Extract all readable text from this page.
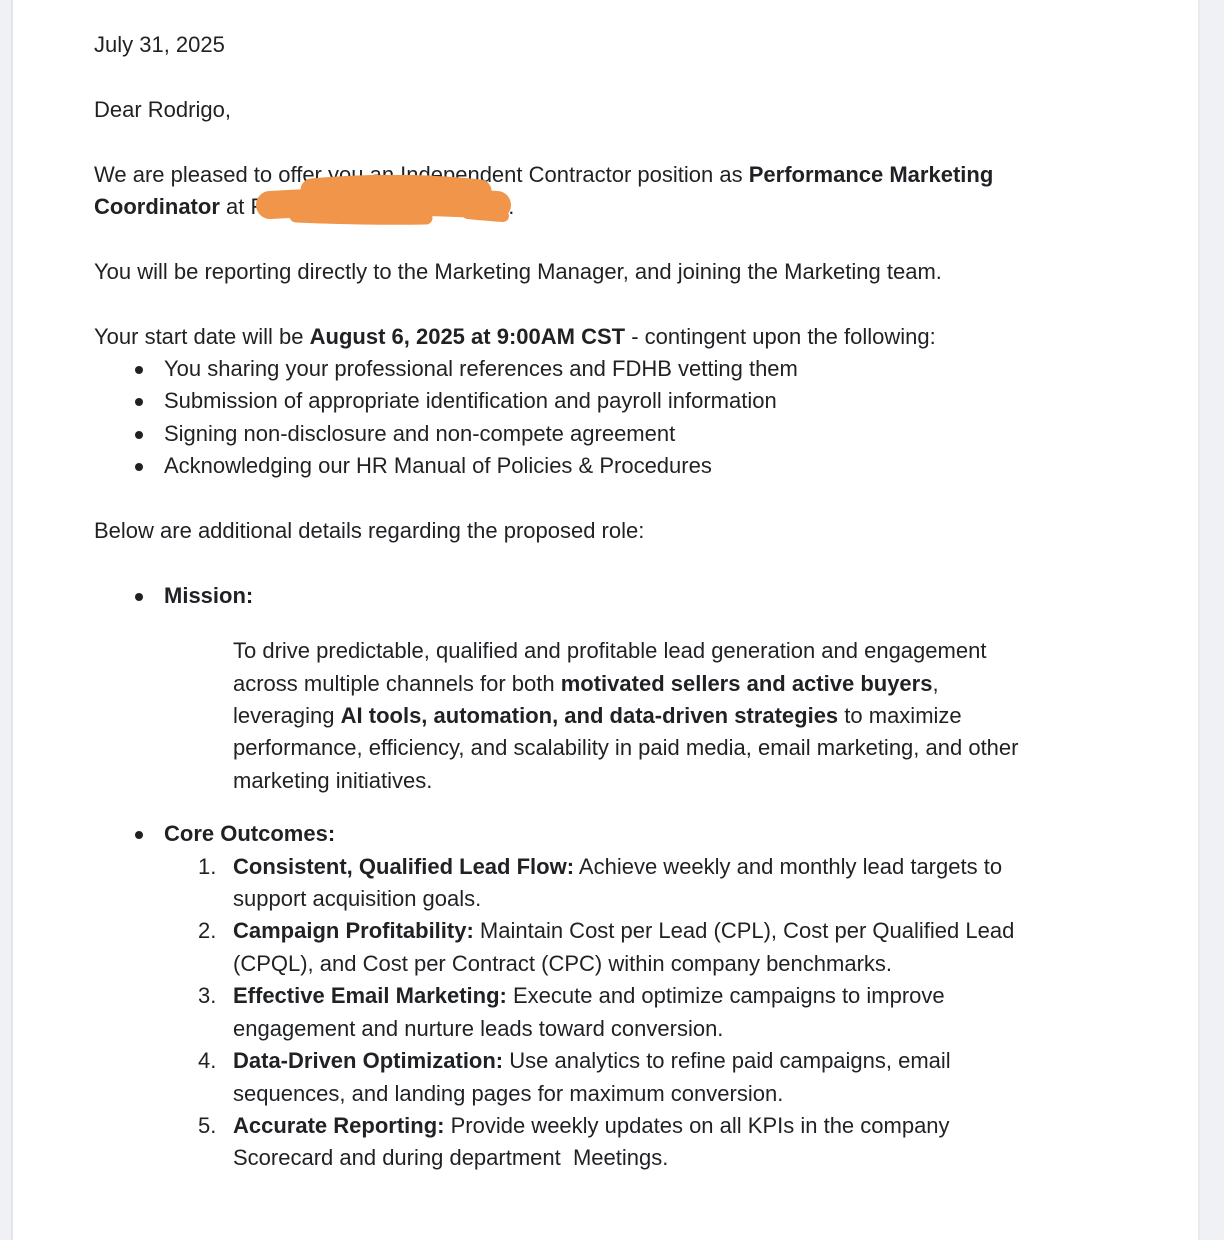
July 31, 2025
Dear Rodrigo,
We are pleased to offer you an Independent Contractor position as Performance Marketing
Coordinator at F	rs.
You will be reporting directly to the Marketing Manager, and joining the Marketing team.
Your start date will be August 6, 2025 at 9:00AM CST - contingent upon the following:
You sharing your professional references and FDHB vetting them
Submission of appropriate identification and payroll information
Signing non-disclosure and non-compete agreement
Acknowledging our HR Manual of Policies & Procedures
Below are additional details regarding the proposed role:
Mission:
To drive predictable, qualified and profitable lead generation and engagement
across multiple channels for both motivated sellers and active buyers,
leveraging AI tools, automation, and data-driven strategies to maximize
performance, efficiency, and scalability in paid media, email marketing, and other
marketing initiatives.
Core Outcomes:
1. Consistent, Qualified Lead Flow: Achieve weekly and monthly lead targets to
support acquisition goals.
2. Campaign Profitability: Maintain Cost per Lead (CPL), Cost per Qualified Lead
(CPQL), and Cost per Contract (CPC) within company benchmarks.
3. Effective Email Marketing: Execute and optimize campaigns to improve
engagement and nurture leads toward conversion.
4. Data-Driven Optimization: Use analytics to refine paid campaigns, email
sequences, and landing pages for maximum conversion.
5. Accurate Reporting: Provide weekly updates on all KPIs in the company
Scorecard and during department  Meetings.
